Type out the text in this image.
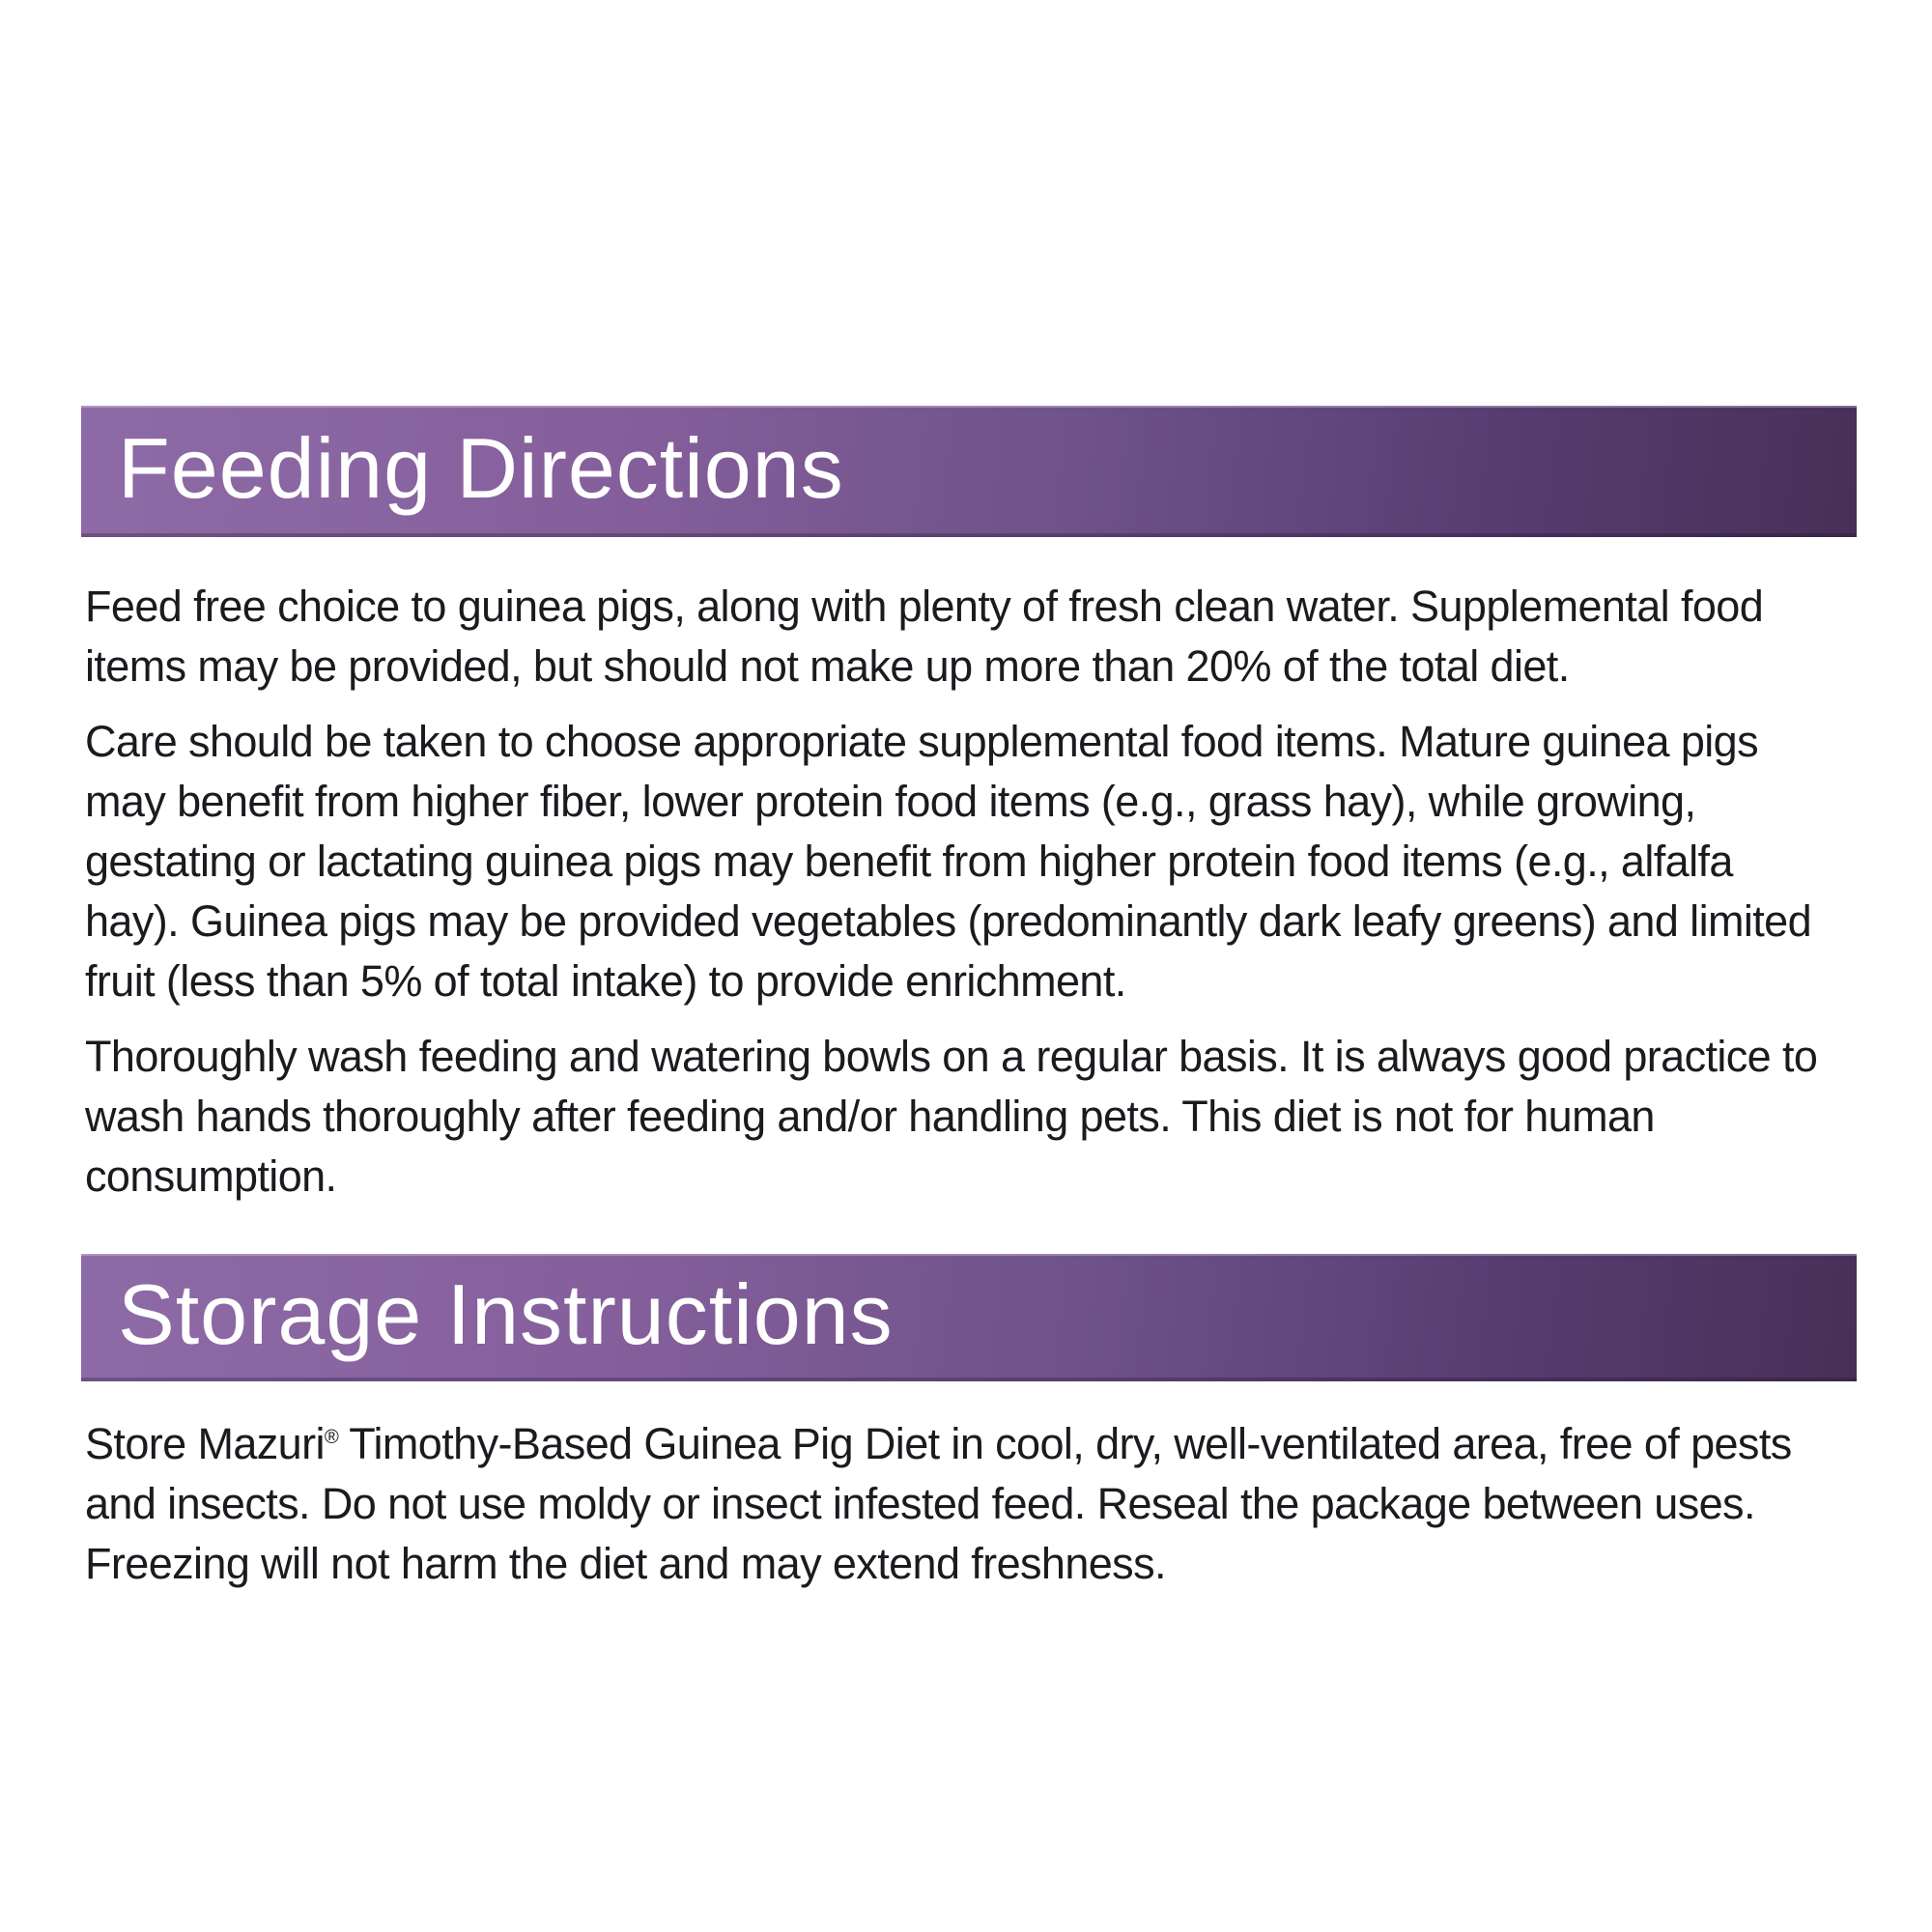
Feeding Directions

Feed free choice to guinea pigs, along with plenty of fresh clean water. Supplemental food items may be provided, but should not make up more than 20% of the total diet.

Care should be taken to choose appropriate supplemental food items. Mature guinea pigs may benefit from higher fiber, lower protein food items (e.g., grass hay), while growing, gestating or lactating guinea pigs may benefit from higher protein food items (e.g., alfalfa hay). Guinea pigs may be provided vegetables (predominantly dark leafy greens) and limited fruit (less than 5% of total intake) to provide enrichment.

Thoroughly wash feeding and watering bowls on a regular basis. It is always good practice to wash hands thoroughly after feeding and/or handling pets. This diet is not for human consumption.

Storage Instructions

Store Mazuri® Timothy-Based Guinea Pig Diet in cool, dry, well-ventilated area, free of pests and insects. Do not use moldy or insect infested feed. Reseal the package between uses. Freezing will not harm the diet and may extend freshness.
